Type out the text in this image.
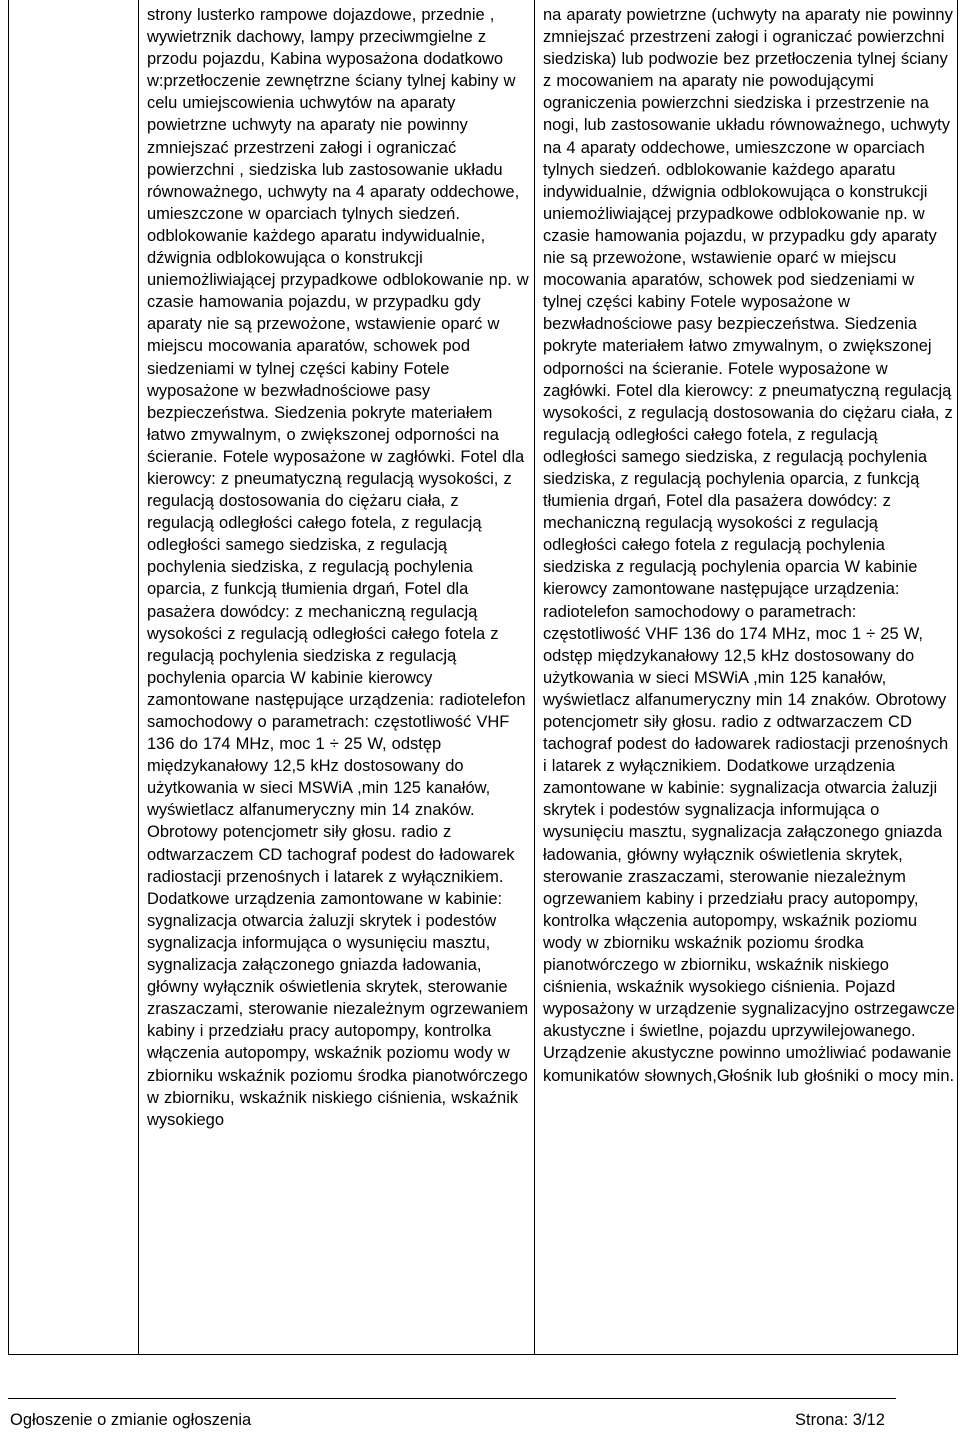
strony lusterko rampowe dojazdowe, przednie , wywietrznik dachowy, lampy przeciwmgielne z przodu pojazdu, Kabina wyposażona dodatkowo w:przetłoczenie zewnętrzne ściany tylnej kabiny w celu umiejscowienia uchwytów na aparaty powietrzne uchwyty na aparaty nie powinny zmniejszać przestrzeni załogi i ograniczać powierzchni , siedziska lub zastosowanie układu równoważnego, uchwyty na 4 aparaty oddechowe, umieszczone w oparciach tylnych siedzeń. odblokowanie każdego aparatu indywidualnie, dźwignia odblokowująca o konstrukcji uniemożliwiającej przypadkowe odblokowanie np. w czasie hamowania pojazdu, w przypadku gdy aparaty nie są przewożone, wstawienie oparć w miejscu mocowania aparatów, schowek pod siedzeniami w tylnej części kabiny Fotele wyposażone w bezwładnościowe pasy bezpieczeństwa. Siedzenia pokryte materiałem łatwo zmywalnym, o zwiększonej odporności na ścieranie. Fotele wyposażone w zagłówki. Fotel dla kierowcy: z pneumatyczną regulacją wysokości, z regulacją dostosowania do ciężaru ciała, z regulacją odległości całego fotela, z regulacją odległości samego siedziska, z regulacją pochylenia siedziska, z regulacją pochylenia oparcia, z funkcją tłumienia drgań, Fotel dla pasażera dowódcy: z mechaniczną regulacją wysokości z regulacją odległości całego fotela z regulacją pochylenia siedziska z regulacją pochylenia oparcia W kabinie kierowcy zamontowane następujące urządzenia: radiotelefon samochodowy o parametrach: częstotliwość VHF 136 do 174 MHz, moc 1 ÷ 25 W, odstęp międzykanałowy 12,5 kHz dostosowany do użytkowania w sieci MSWiA ,min 125 kanałów, wyświetlacz alfanumeryczny min 14 znaków. Obrotowy potencjometr siły głosu. radio z odtwarzaczem CD tachograf podest do ładowarek radiostacji przenośnych i latarek z wyłącznikiem. Dodatkowe urządzenia zamontowane w kabinie: sygnalizacja otwarcia żaluzji skrytek i podestów sygnalizacja informująca o wysunięciu masztu, sygnalizacja załączonego gniazda ładowania, główny wyłącznik oświetlenia skrytek, sterowanie zraszaczami, sterowanie niezależnym ogrzewaniem kabiny i przedziału pracy autopompy, kontrolka włączenia autopompy, wskaźnik poziomu wody w zbiorniku wskaźnik poziomu środka pianotwórczego w zbiorniku, wskaźnik niskiego ciśnienia, wskaźnik wysokiego

na aparaty powietrzne (uchwyty na aparaty nie powinny zmniejszać przestrzeni załogi i ograniczać powierzchni siedziska) lub podwozie bez przetłoczenia tylnej ściany z mocowaniem na aparaty nie powodującymi ograniczenia powierzchni siedziska i przestrzenie na nogi, lub zastosowanie układu równoważnego, uchwyty na 4 aparaty oddechowe, umieszczone w oparciach tylnych siedzeń. odblokowanie każdego aparatu indywidualnie, dźwignia odblokowująca o konstrukcji uniemożliwiającej przypadkowe odblokowanie np. w czasie hamowania pojazdu, w przypadku gdy aparaty nie są przewożone, wstawienie oparć w miejscu mocowania aparatów, schowek pod siedzeniami w tylnej części kabiny Fotele wyposażone w bezwładnościowe pasy bezpieczeństwa. Siedzenia pokryte materiałem łatwo zmywalnym, o zwiększonej odporności na ścieranie. Fotele wyposażone w zagłówki. Fotel dla kierowcy: z pneumatyczną regulacją wysokości, z regulacją dostosowania do ciężaru ciała, z regulacją odległości całego fotela, z regulacją odległości samego siedziska, z regulacją pochylenia siedziska, z regulacją pochylenia oparcia, z funkcją tłumienia drgań, Fotel dla pasażera dowódcy: z mechaniczną regulacją wysokości z regulacją odległości całego fotela z regulacją pochylenia siedziska z regulacją pochylenia oparcia W kabinie kierowcy zamontowane następujące urządzenia: radiotelefon samochodowy o parametrach: częstotliwość VHF 136 do 174 MHz, moc 1 ÷ 25 W, odstęp międzykanałowy 12,5 kHz dostosowany do użytkowania w sieci MSWiA ,min 125 kanałów, wyświetlacz alfanumeryczny min 14 znaków. Obrotowy potencjometr siły głosu. radio z odtwarzaczem CD tachograf podest do ładowarek radiostacji przenośnych i latarek z wyłącznikiem. Dodatkowe urządzenia zamontowane w kabinie: sygnalizacja otwarcia żaluzji skrytek i podestów sygnalizacja informująca o wysunięciu masztu, sygnalizacja załączonego gniazda ładowania, główny wyłącznik oświetlenia skrytek, sterowanie zraszaczami, sterowanie niezależnym ogrzewaniem kabiny i przedziału pracy autopompy, kontrolka włączenia autopompy, wskaźnik poziomu wody w zbiorniku wskaźnik poziomu środka pianotwórczego w zbiorniku, wskaźnik niskiego ciśnienia, wskaźnik wysokiego ciśnienia. Pojazd wyposażony w urządzenie sygnalizacyjno ostrzegawcze akustyczne i świetlne, pojazdu uprzywilejowanego. Urządzenie akustyczne powinno umożliwiać podawanie komunikatów słownych,Głośnik lub głośniki o mocy min.

Ogłoszenie o zmianie ogłoszenia	Strona: 3/12
